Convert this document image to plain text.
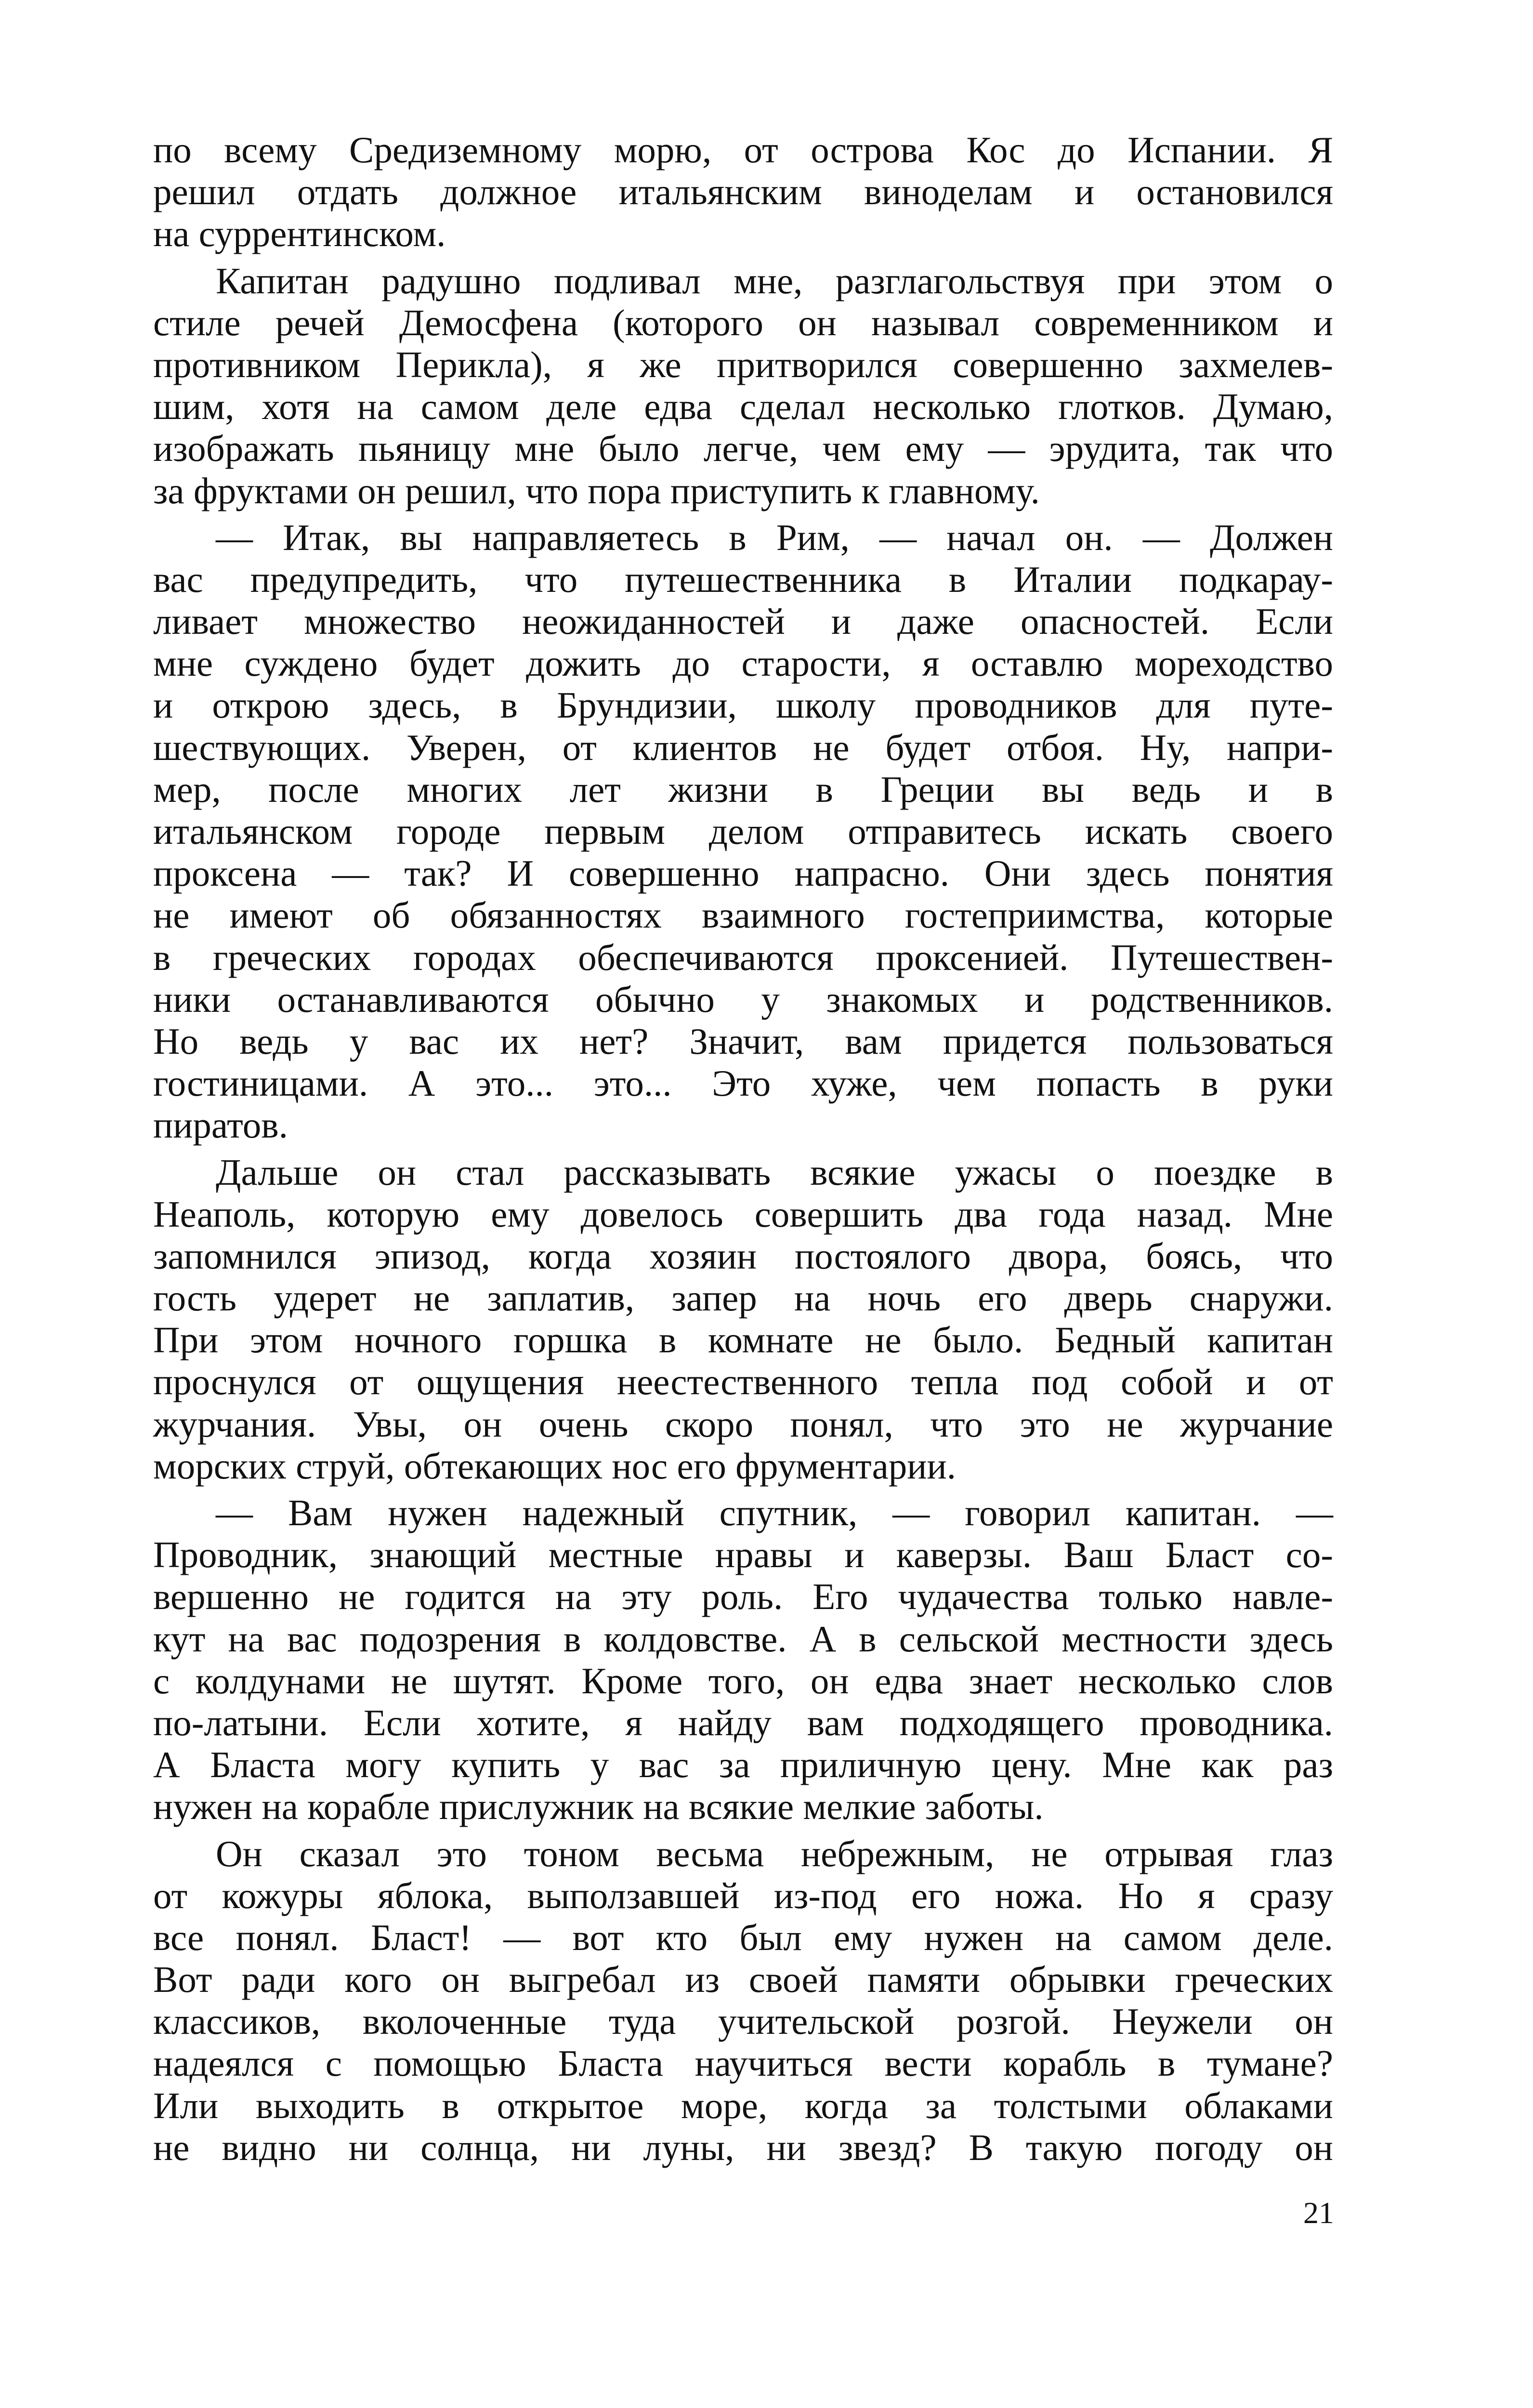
по всему Средиземному морю, от острова Кос до Испании. Я
решил отдать должное итальянским виноделам и остановился
на суррентинском.
Капитан радушно подливал мне, разглагольствуя при этом о
стиле речей Демосфена (которого он называл современником и
противником Перикла), я же притворился совершенно захмелев-
шим, хотя на самом деле едва сделал несколько глотков. Думаю,
изображать пьяницу мне было легче, чем ему — эрудита, так что
за фруктами он решил, что пора приступить к главному.
— Итак, вы направляетесь в Рим, — начал он. — Должен
вас предупредить, что путешественника в Италии подкарау-
ливает множество неожиданностей и даже опасностей. Если
мне суждено будет дожить до старости, я оставлю мореходство
и открою здесь, в Брундизии, школу проводников для путе-
шествующих. Уверен, от клиентов не будет отбоя. Ну, напри-
мер, после многих лет жизни в Греции вы ведь и в
итальянском городе первым делом отправитесь искать своего
проксена — так? И совершенно напрасно. Они здесь понятия
не имеют об обязанностях взаимного гостеприимства, которые
в греческих городах обеспечиваются проксенией. Путешествен-
ники останавливаются обычно у знакомых и родственников.
Но ведь у вас их нет? Значит, вам придется пользоваться
гостиницами. А это... это... Это хуже, чем попасть в руки
пиратов.
Дальше он стал рассказывать всякие ужасы о поездке в
Неаполь, которую ему довелось совершить два года назад. Мне
запомнился эпизод, когда хозяин постоялого двора, боясь, что
гость удерет не заплатив, запер на ночь его дверь снаружи.
При этом ночного горшка в комнате не было. Бедный капитан
проснулся от ощущения неестественного тепла под собой и от
журчания. Увы, он очень скоро понял, что это не журчание
морских струй, обтекающих нос его фрументарии.
— Вам нужен надежный спутник, — говорил капитан. —
Проводник, знающий местные нравы и каверзы. Ваш Бласт со-
вершенно не годится на эту роль. Его чудачества только навле-
кут на вас подозрения в колдовстве. А в сельской местности здесь
с колдунами не шутят. Кроме того, он едва знает несколько слов
по-латыни. Если хотите, я найду вам подходящего проводника.
А Бласта могу купить у вас за приличную цену. Мне как раз
нужен на корабле прислужник на всякие мелкие заботы.
Он сказал это тоном весьма небрежным, не отрывая глаз
от кожуры яблока, выползавшей из-под его ножа. Но я сразу
все понял. Бласт! — вот кто был ему нужен на самом деле.
Вот ради кого он выгребал из своей памяти обрывки греческих
классиков, вколоченные туда учительской розгой. Неужели он
надеялся с помощью Бласта научиться вести корабль в тумане?
Или выходить в открытое море, когда за толстыми облаками
не видно ни солнца, ни луны, ни звезд? В такую погоду он
21
